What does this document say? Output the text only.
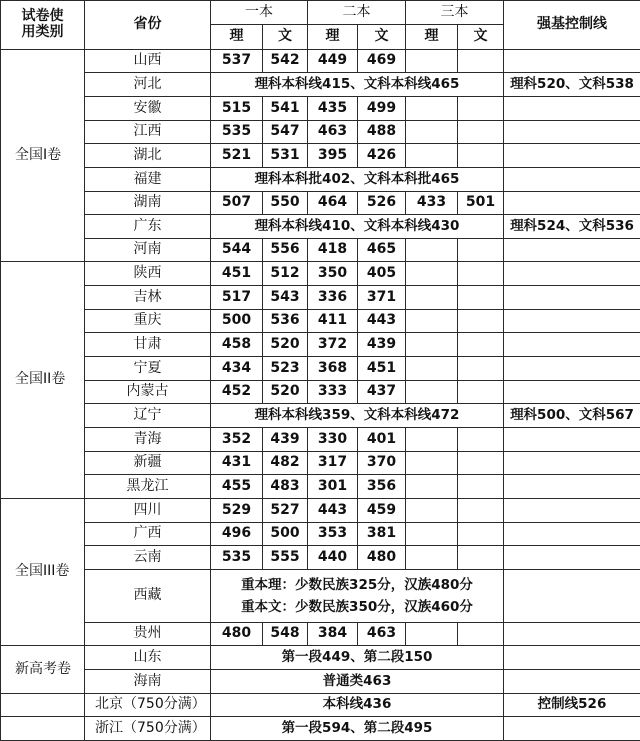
试卷使
用类别	省份	一本		二本		三本		强基控制线
		理	文	理	文	理	文	
全国I卷	山西	537	542	449	469			
	河北	理科本科线415、文科本科线465						理科520、文科538
	安徽	515	541	435	499			
	江西	535	547	463	488			
	湖北	521	531	395	426			
	福建	理科本科批402、文科本科批465						
	湖南	507	550	464	526	433	501	
	广东	理科本科线410、文科本科线430						理科524、文科536
	河南	544	556	418	465			
全国II卷	陕西	451	512	350	405			
	吉林	517	543	336	371			
	重庆	500	536	411	443			
	甘肃	458	520	372	439			
	宁夏	434	523	368	451			
	内蒙古	452	520	333	437			
	辽宁	理科本科线359、文科本科线472						理科500、文科567
	青海	352	439	330	401			
	新疆	431	482	317	370			
	黑龙江	455	483	301	356			
全国III卷	四川	529	527	443	459			
	广西	496	500	353	381			
	云南	535	555	440	480			
	西藏	重本理：少数民族325分，汉族480分
重本文：少数民族350分，汉族460分						

	贵州	480	548	384	463			
新高考卷	山东	第一段449、第二段150						
	海南	普通类463						
	北京（750分满）	本科线436						控制线526
	浙江（750分满）	第一段594、第二段495						
